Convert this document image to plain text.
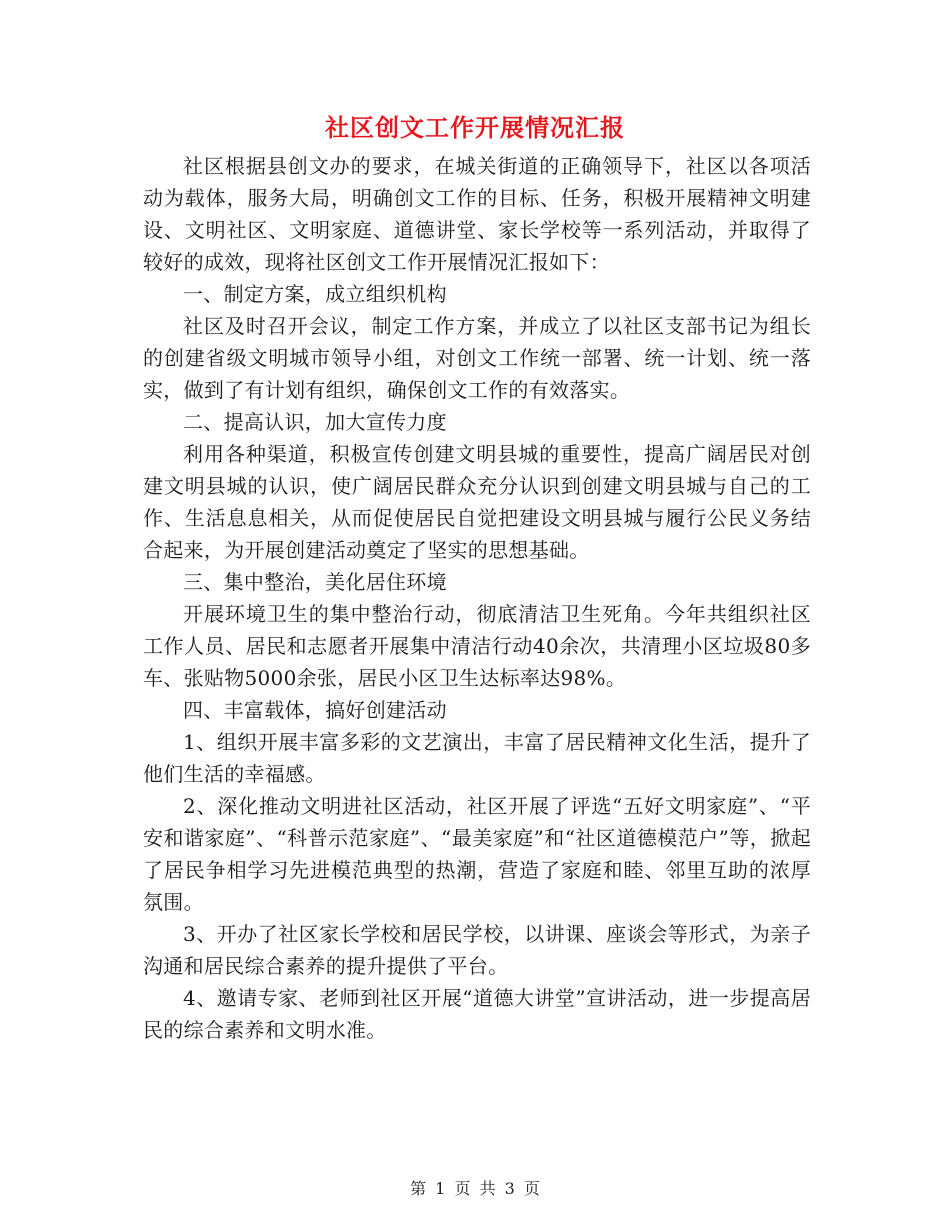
社区创文工作开展情况汇报

社区根据县创文办的要求，在城关街道的正确领导下，社区以各项活动为载体，服务大局，明确创文工作的目标、任务，积极开展精神文明建设、文明社区、文明家庭、道德讲堂、家长学校等一系列活动，并取得了较好的成效，现将社区创文工作开展情况汇报如下：

一、制定方案，成立组织机构

社区及时召开会议，制定工作方案，并成立了以社区支部书记为组长的创建省级文明城市领导小组，对创文工作统一部署、统一计划、统一落实，做到了有计划有组织，确保创文工作的有效落实。

二、提高认识，加大宣传力度

利用各种渠道，积极宣传创建文明县城的重要性，提高广阔居民对创建文明县城的认识，使广阔居民群众充分认识到创建文明县城与自己的工作、生活息息相关，从而促使居民自觉把建设文明县城与履行公民义务结合起来，为开展创建活动奠定了坚实的思想基础。

三、集中整治，美化居住环境

开展环境卫生的集中整治行动，彻底清洁卫生死角。今年共组织社区工作人员、居民和志愿者开展集中清洁行动40余次，共清理小区垃圾80多车、张贴物5000余张，居民小区卫生达标率达98%。

四、丰富载体，搞好创建活动

1、组织开展丰富多彩的文艺演出，丰富了居民精神文化生活，提升了他们生活的幸福感。

2、深化推动文明进社区活动，社区开展了评选“五好文明家庭”、“平安和谐家庭”、“科普示范家庭”、“最美家庭”和“社区道德模范户”等，掀起了居民争相学习先进模范典型的热潮，营造了家庭和睦、邻里互助的浓厚氛围。

3、开办了社区家长学校和居民学校，以讲课、座谈会等形式，为亲子沟通和居民综合素养的提升提供了平台。

4、邀请专家、老师到社区开展“道德大讲堂”宣讲活动，进一步提高居民的综合素养和文明水准。

第 1 页 共 3 页
